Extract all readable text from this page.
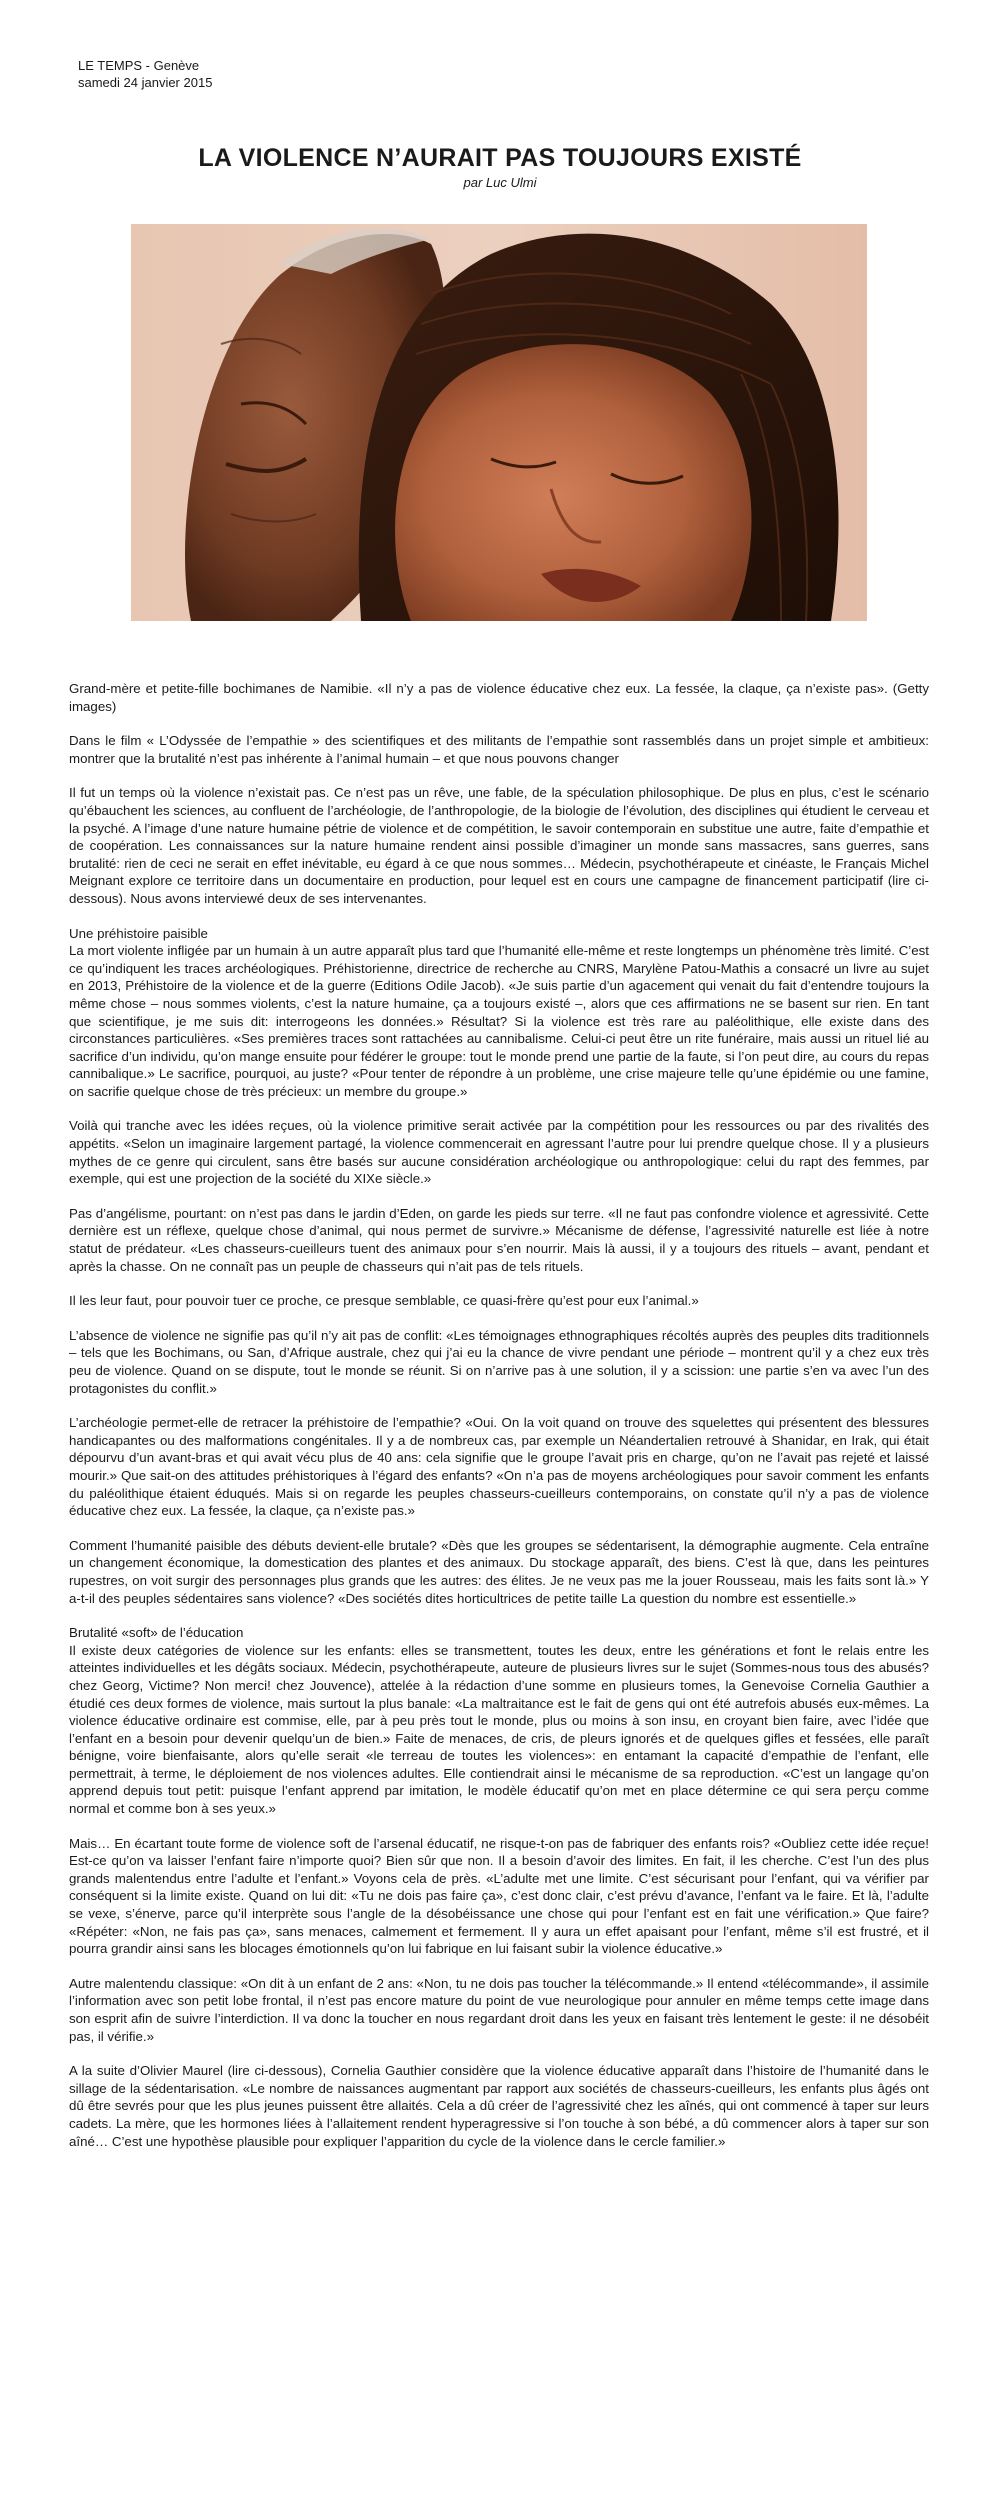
LE TEMPS - Genève
samedi 24 janvier 2015
LA VIOLENCE N’AURAIT PAS TOUJOURS EXISTÉ
par Luc Ulmi

Grand-mère et petite-fille bochimanes de Namibie. «Il n’y a pas de violence éducative chez eux. La fessée, la claque, ça n’existe pas». (Getty images)

Dans le film « L’Odyssée de l’empathie » des scientifiques et des militants de l’empathie sont rassemblés dans un projet simple et ambitieux: montrer que la brutalité n’est pas inhérente à l’animal humain – et que nous pouvons changer

Il fut un temps où la violence n’existait pas. Ce n’est pas un rêve, une fable, de la spéculation philosophique. De plus en plus, c’est le scénario qu’ébauchent les sciences, au confluent de l’archéologie, de l’anthropologie, de la biologie de l’évolution, des disciplines qui étudient le cerveau et la psyché. A l’image d’une nature humaine pétrie de violence et de compétition, le savoir contemporain en substitue une autre, faite d’empathie et de coopération. Les connaissances sur la nature humaine rendent ainsi possible d’imaginer un monde sans massacres, sans guerres, sans brutalité: rien de ceci ne serait en effet inévitable, eu égard à ce que nous sommes… Médecin, psychothérapeute et cinéaste, le Français Michel Meignant explore ce territoire dans un documentaire en production, pour lequel est en cours une campagne de financement participatif (lire ci-dessous). Nous avons interviewé deux de ses intervenantes.

Une préhistoire paisible

La mort violente infligée par un humain à un autre apparaît plus tard que l’humanité elle-même et reste longtemps un phénomène très limité. C’est ce qu’indiquent les traces archéologiques. Préhistorienne, directrice de recherche au CNRS, Marylène Patou-Mathis a consacré un livre au sujet en 2013, Préhistoire de la violence et de la guerre (Editions Odile Jacob). «Je suis partie d’un agacement qui venait du fait d’entendre toujours la même chose – nous sommes violents, c’est la nature humaine, ça a toujours existé –, alors que ces affirmations ne se basent sur rien. En tant que scientifique, je me suis dit: interrogeons les données.» Résultat? Si la violence est très rare au paléolithique, elle existe dans des circonstances particulières. «Ses premières traces sont rattachées au cannibalisme. Celui-ci peut être un rite funéraire, mais aussi un rituel lié au sacrifice d’un individu, qu’on mange ensuite pour fédérer le groupe: tout le monde prend une partie de la faute, si l’on peut dire, au cours du repas cannibalique.» Le sacrifice, pourquoi, au juste? «Pour tenter de répondre à un problème, une crise majeure telle qu’une épidémie ou une famine, on sacrifie quelque chose de très précieux: un membre du groupe.»

Voilà qui tranche avec les idées reçues, où la violence primitive serait activée par la compétition pour les ressources ou par des rivalités des appétits. «Selon un imaginaire largement partagé, la violence commencerait en agressant l’autre pour lui prendre quelque chose. Il y a plusieurs mythes de ce genre qui circulent, sans être basés sur aucune considération archéologique ou anthropologique: celui du rapt des femmes, par exemple, qui est une projection de la société du XIXe siècle.»

Pas d’angélisme, pourtant: on n’est pas dans le jardin d’Eden, on garde les pieds sur terre. «Il ne faut pas confondre violence et agressivité. Cette dernière est un réflexe, quelque chose d’animal, qui nous permet de survivre.» Mécanisme de défense, l’agressivité naturelle est liée à notre statut de prédateur. «Les chasseurs-cueilleurs tuent des animaux pour s’en nourrir. Mais là aussi, il y a toujours des rituels – avant, pendant et après la chasse. On ne connaît pas un peuple de chasseurs qui n’ait pas de tels rituels.

Il les leur faut, pour pouvoir tuer ce proche, ce presque semblable, ce quasi-frère qu’est pour eux l’animal.»

L’absence de violence ne signifie pas qu’il n’y ait pas de conflit: «Les témoignages ethnographiques récoltés auprès des peuples dits traditionnels – tels que les Bochimans, ou San, d’Afrique australe, chez qui j’ai eu la chance de vivre pendant une période – montrent qu’il y a chez eux très peu de violence. Quand on se dispute, tout le monde se réunit. Si on n’arrive pas à une solution, il y a scission: une partie s’en va avec l’un des protagonistes du conflit.»

L’archéologie permet-elle de retracer la préhistoire de l’empathie? «Oui. On la voit quand on trouve des squelettes qui présentent des blessures handicapantes ou des malformations congénitales. Il y a de nombreux cas, par exemple un Néandertalien retrouvé à Shanidar, en Irak, qui était dépourvu d’un avant-bras et qui avait vécu plus de 40 ans: cela signifie que le groupe l’avait pris en charge, qu’on ne l’avait pas rejeté et laissé mourir.» Que sait-on des attitudes préhistoriques à l’égard des enfants? «On n’a pas de moyens archéologiques pour savoir comment les enfants du paléolithique étaient éduqués. Mais si on regarde les peuples chasseurs-cueilleurs contemporains, on constate qu’il n’y a pas de violence éducative chez eux. La fessée, la claque, ça n’existe pas.»

Comment l’humanité paisible des débuts devient-elle brutale? «Dès que les groupes se sédentarisent, la démographie augmente. Cela entraîne un changement économique, la domestication des plantes et des animaux. Du stockage apparaît, des biens. C’est là que, dans les peintures rupestres, on voit surgir des personnages plus grands que les autres: des élites. Je ne veux pas me la jouer Rousseau, mais les faits sont là.» Y a-t-il des peuples sédentaires sans violence? «Des sociétés dites horticultrices de petite taille La question du nombre est essentielle.»

Brutalité «soft» de l’éducation

Il existe deux catégories de violence sur les enfants: elles se transmettent, toutes les deux, entre les générations et font le relais entre les atteintes individuelles et les dégâts sociaux. Médecin, psychothérapeute, auteure de plusieurs livres sur le sujet (Sommes-nous tous des abusés? chez Georg, Victime? Non merci! chez Jouvence), attelée à la rédaction d’une somme en plusieurs tomes, la Genevoise Cornelia Gauthier a étudié ces deux formes de violence, mais surtout la plus banale: «La maltraitance est le fait de gens qui ont été autrefois abusés eux-mêmes. La violence éducative ordinaire est commise, elle, par à peu près tout le monde, plus ou moins à son insu, en croyant bien faire, avec l’idée que l’enfant en a besoin pour devenir quelqu’un de bien.» Faite de menaces, de cris, de pleurs ignorés et de quelques gifles et fessées, elle paraît bénigne, voire bienfaisante, alors qu’elle serait «le terreau de toutes les violences»: en entamant la capacité d’empathie de l’enfant, elle permettrait, à terme, le déploiement de nos violences adultes. Elle contiendrait ainsi le mécanisme de sa reproduction. «C’est un langage qu’on apprend depuis tout petit: puisque l’enfant apprend par imitation, le modèle éducatif qu’on met en place détermine ce qui sera perçu comme normal et comme bon à ses yeux.»

Mais… En écartant toute forme de violence soft de l’arsenal éducatif, ne risque-t-on pas de fabriquer des enfants rois? «Oubliez cette idée reçue! Est-ce qu’on va laisser l’enfant faire n’importe quoi? Bien sûr que non. Il a besoin d’avoir des limites. En fait, il les cherche. C’est l’un des plus grands malentendus entre l’adulte et l’enfant.» Voyons cela de près. «L’adulte met une limite. C’est sécurisant pour l’enfant, qui va vérifier par conséquent si la limite existe. Quand on lui dit: «Tu ne dois pas faire ça», c’est donc clair, c’est prévu d’avance, l’enfant va le faire. Et là, l’adulte se vexe, s’énerve, parce qu’il interprète sous l’angle de la désobéissance une chose qui pour l’enfant est en fait une vérification.» Que faire? «Répéter: «Non, ne fais pas ça», sans menaces, calmement et fermement. Il y aura un effet apaisant pour l’enfant, même s’il est frustré, et il pourra grandir ainsi sans les blocages émotionnels qu’on lui fabrique en lui faisant subir la violence éducative.»

Autre malentendu classique: «On dit à un enfant de 2 ans: «Non, tu ne dois pas toucher la télécommande.» Il entend «télécommande», il assimile l’information avec son petit lobe frontal, il n’est pas encore mature du point de vue neurologique pour annuler en même temps cette image dans son esprit afin de suivre l’interdiction. Il va donc la toucher en nous regardant droit dans les yeux en faisant très lentement le geste: il ne désobéit pas, il vérifie.»

A la suite d’Olivier Maurel (lire ci-dessous), Cornelia Gauthier considère que la violence éducative apparaît dans l’histoire de l’humanité dans le sillage de la sédentarisation. «Le nombre de naissances augmentant par rapport aux sociétés de chasseurs-cueilleurs, les enfants plus âgés ont dû être sevrés pour que les plus jeunes puissent être allaités. Cela a dû créer de l’agressivité chez les aînés, qui ont commencé à taper sur leurs cadets. La mère, que les hormones liées à l’allaitement rendent hyperagressive si l’on touche à son bébé, a dû commencer alors à taper sur son aîné… C’est une hypothèse plausible pour expliquer l’apparition du cycle de la violence dans le cercle familier.»
